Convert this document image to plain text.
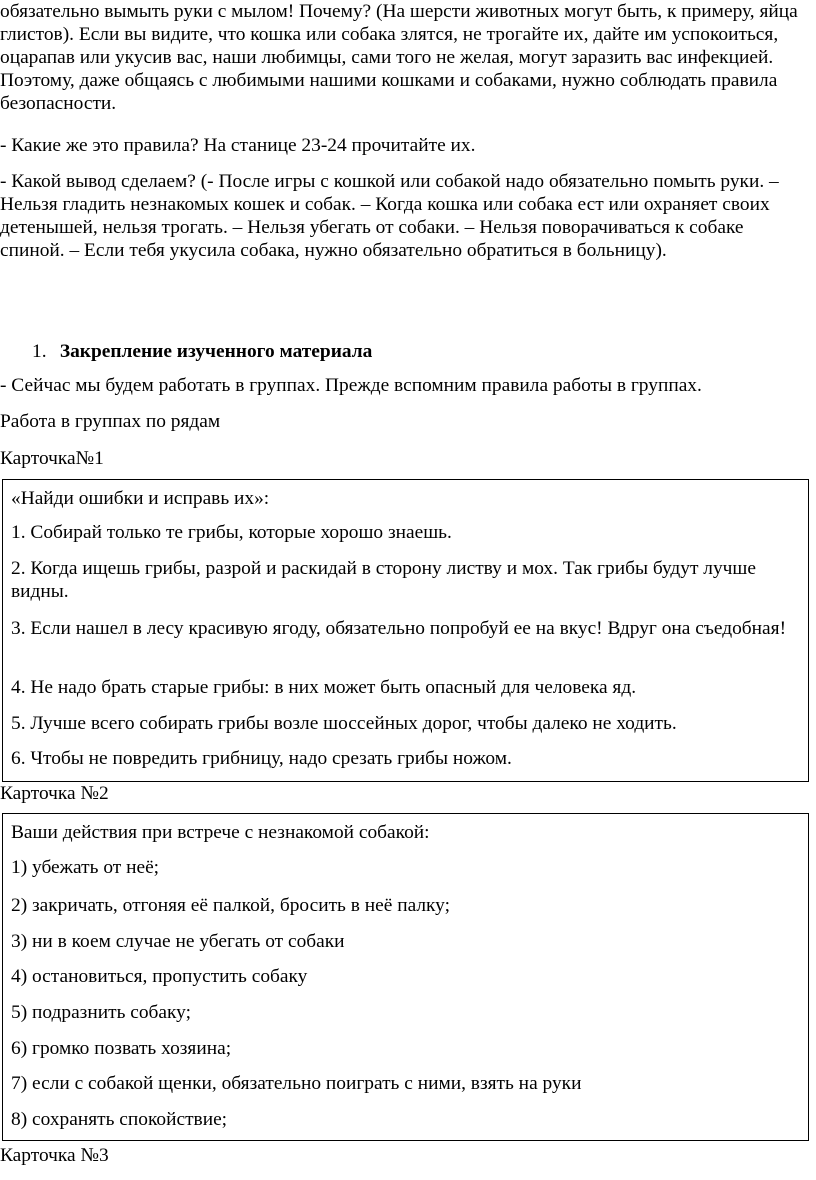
обязательно вымыть руки с мылом! Почему? (На шерсти животных могут быть, к примеру, яйца глистов). Если вы видите, что кошка или собака злятся, не трогайте их, дайте им успокоиться, оцарапав или укусив вас, наши любимцы, сами того не желая, могут заразить вас инфекцией. Поэтому, даже общаясь с любимыми нашими кошками и собаками, нужно соблюдать правила безопасности.

- Какие же это правила? На станице 23-24 прочитайте их.

- Какой вывод сделаем? (- После игры с кошкой или собакой надо обязательно помыть руки. – Нельзя гладить незнакомых кошек и собак. – Когда кошка или собака ест или охраняет своих детенышей, нельзя трогать. – Нельзя убегать от собаки. – Нельзя поворачиваться к собаке спиной. – Если тебя укусила собака, нужно обязательно обратиться в больницу).

1. Закрепление изученного материала

- Сейчас мы будем работать в группах. Прежде вспомним правила работы в группах.

Работа в группах по рядам

Карточка№1

«Найди ошибки и исправь их»:

1. Собирай только те грибы, которые хорошо знаешь.

2. Когда ищешь грибы, разрой и раскидай в сторону листву и мох. Так грибы будут лучше видны.

3. Если нашел в лесу красивую ягоду, обязательно попробуй ее на вкус! Вдруг она съедобная!

4. Не надо брать старые грибы: в них может быть опасный для человека яд.

5. Лучше всего собирать грибы возле шоссейных дорог, чтобы далеко не ходить.

6. Чтобы не повредить грибницу, надо срезать грибы ножом.

Карточка №2

Ваши действия при встрече с незнакомой собакой:

1) убежать от неё;

2) закричать, отгоняя её палкой, бросить в неё палку;

3) ни в коем случае не убегать от собаки

4) остановиться, пропустить собаку

5) подразнить собаку;

6) громко позвать хозяина;

7) если с собакой щенки, обязательно поиграть с ними, взять на руки

8) сохранять спокойствие;

Карточка №3
